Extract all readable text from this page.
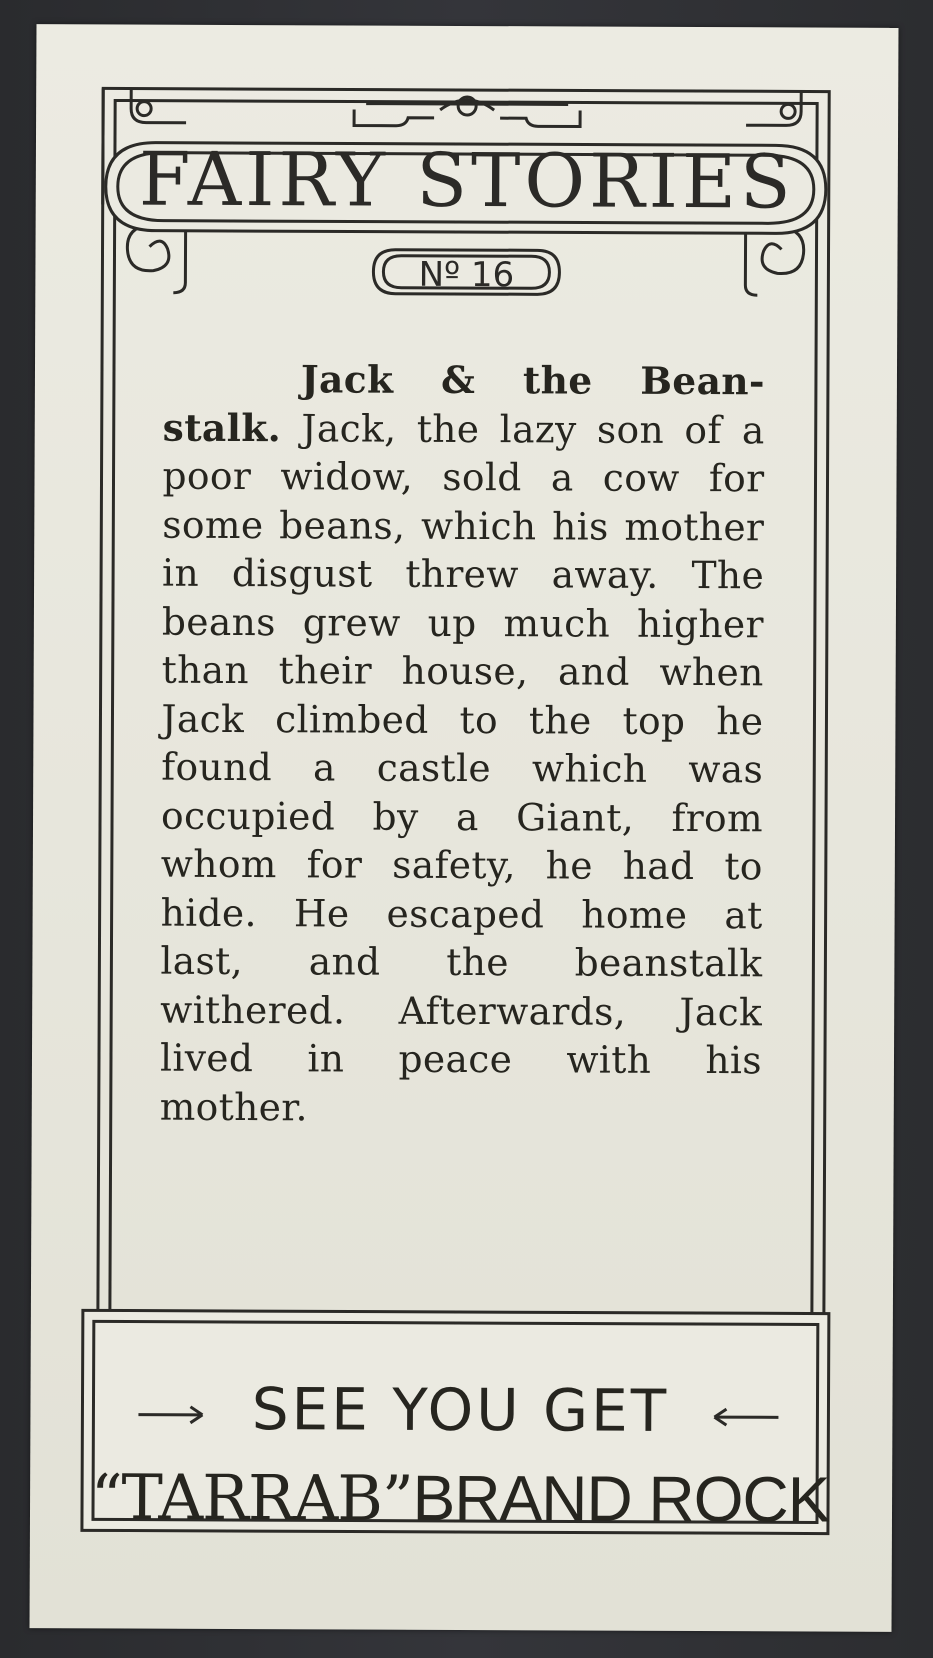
FAIRY STORIES
Nº 16
Jack & the Bean-stalk. Jack, the lazy son of a poor widow, sold a cow for some beans, which his mother in disgust threw away. The beans grew up much higher than their house, and when Jack climbed to the top he found a castle which was occupied by a Giant, from whom for safety, he had to hide. He escaped home at last, and the beanstalk withered. Afterwards, Jack lived in peace with his mother.
SEE YOU GET
“TARRAB”BRAND ROCK
